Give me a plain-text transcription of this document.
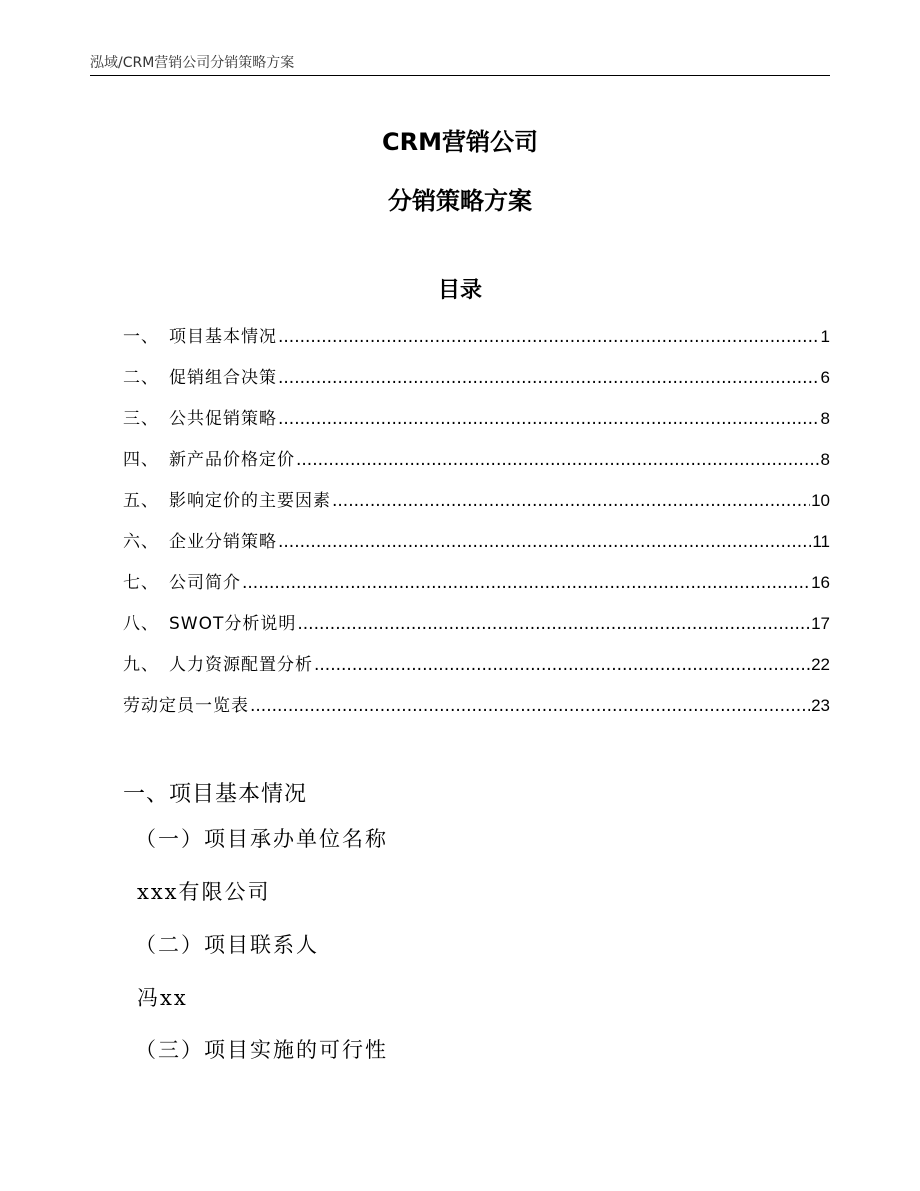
泓域/CRM营销公司分销策略方案
CRM营销公司
分销策略方案
目录
一、 项目基本情况 .....	1
二、 促销组合决策 .....	6
三、 公共促销策略 .....	8
四、 新产品价格定价 .....	8
五、 影响定价的主要因素 .....	10
六、 企业分销策略 .....	11
七、 公司简介 .....	16
八、 SWOT分析说明 .....	17
九、 人力资源配置分析 .....	22
劳动定员一览表 .....	23
一、项目基本情况
（一）项目承办单位名称
xxx有限公司
（二）项目联系人
冯xx
（三）项目实施的可行性
